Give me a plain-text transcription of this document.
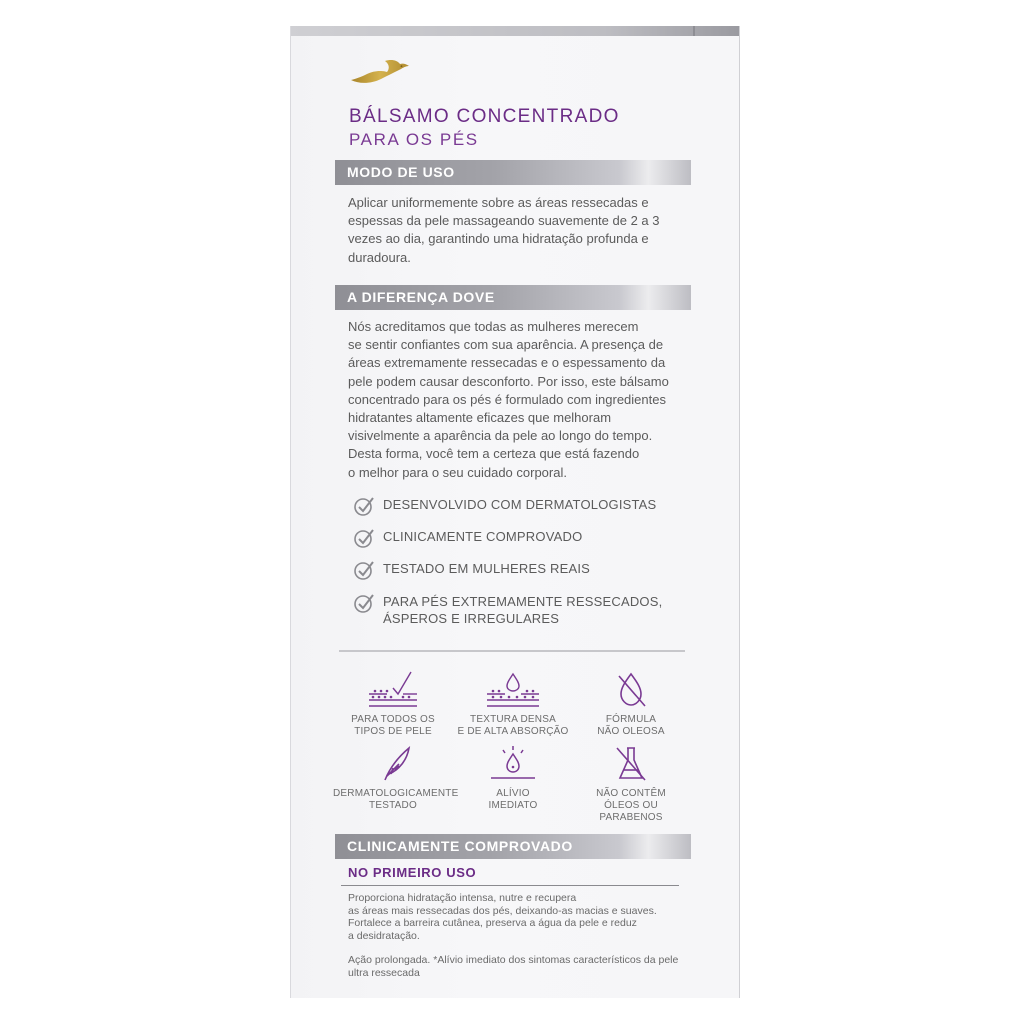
BÁLSAMO CONCENTRADO
PARA OS PÉS
MODO DE USO
Aplicar uniformemente sobre as áreas ressecadas e
espessas da pele massageando suavemente de 2 a 3
vezes ao dia, garantindo uma hidratação profunda e
duradoura.
A DIFERENÇA DOVE
Nós acreditamos que todas as mulheres merecem
se sentir confiantes com sua aparência. A presença de
áreas extremamente ressecadas e o espessamento da
pele podem causar desconforto. Por isso, este bálsamo
concentrado para os pés é formulado com ingredientes
hidratantes altamente eficazes que melhoram
visivelmente a aparência da pele ao longo do tempo.
Desta forma, você tem a certeza que está fazendo
o melhor para o seu cuidado corporal.
DESENVOLVIDO COM DERMATOLOGISTAS
CLINICAMENTE COMPROVADO
TESTADO EM MULHERES REAIS
PARA PÉS EXTREMAMENTE RESSECADOS,
ÁSPEROS E IRREGULARES
PARA TODOS OS
TIPOS DE PELE
TEXTURA DENSA
E DE ALTA ABSORÇÃO
FÓRMULA
NÃO OLEOSA
DERMATOLOGICAMENTE
TESTADO
ALÍVIO
IMEDIATO
NÃO CONTÊM
ÓLEOS OU PARABENOS
CLINICAMENTE COMPROVADO
NO PRIMEIRO USO
Proporciona hidratação intensa, nutre e recupera
as áreas mais ressecadas dos pés, deixando-as macias e suaves.
Fortalece a barreira cutânea, preserva a água da pele e reduz
a desidratação.
Ação prolongada. *Alívio imediato dos sintomas característicos da pele
ultra ressecada
